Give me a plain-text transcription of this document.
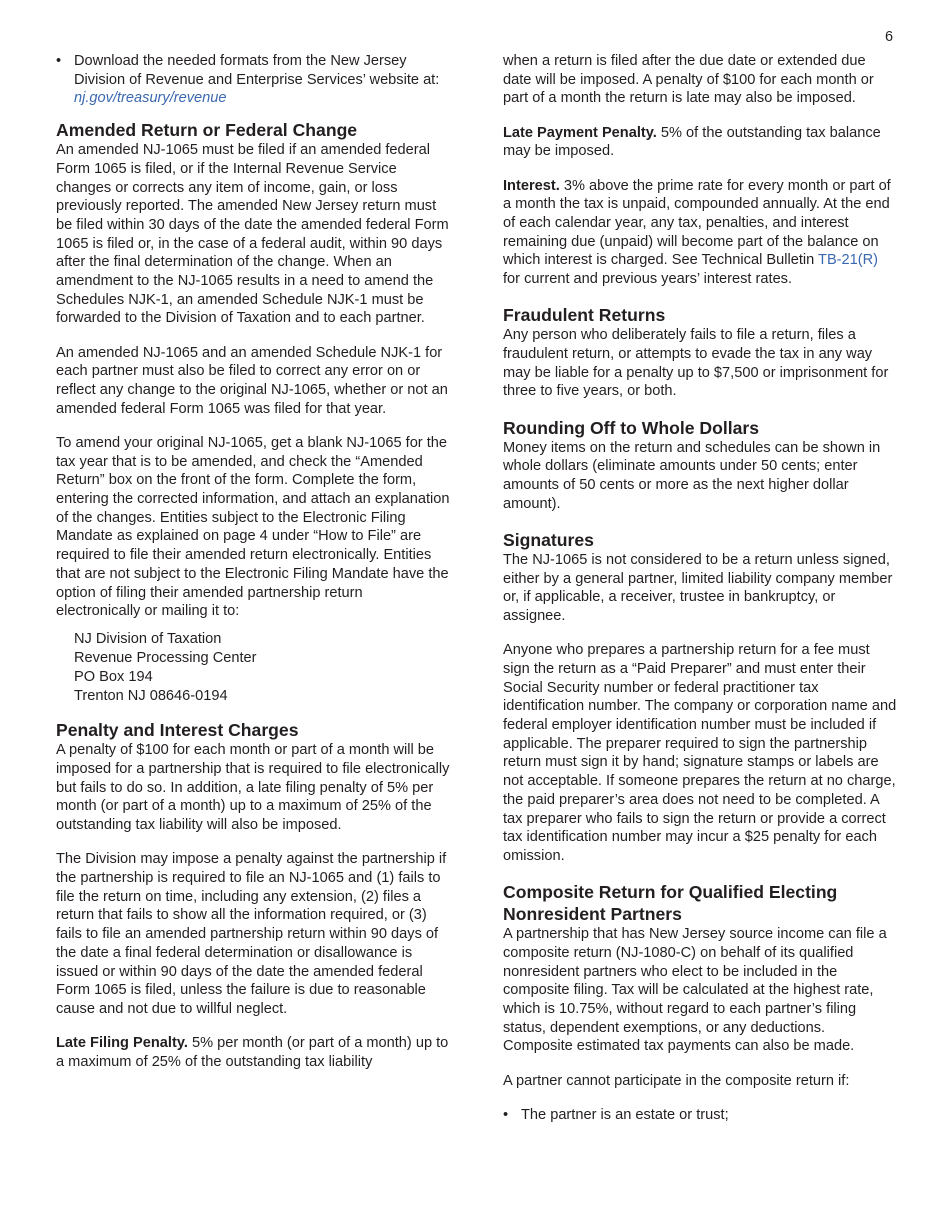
6
• Download the needed formats from the New Jersey Division of Revenue and Enterprise Services’ website at: nj.gov/treasury/revenue
Amended Return or Federal Change

An amended NJ-1065 must be filed if an amended federal Form 1065 is filed, or if the Internal Revenue Service changes or corrects any item of income, gain, or loss previously reported. The amended New Jersey return must be filed within 30 days of the date the amended federal Form 1065 is filed or, in the case of a federal audit, within 90 days after the final determination of the change. When an amendment to the NJ-1065 results in a need to amend the Schedules NJK-1, an amended Schedule NJK-1 must be forwarded to the Division of Taxation and to each partner.

An amended NJ-1065 and an amended Schedule NJK-1 for each partner must also be filed to correct any error on or reflect any change to the original NJ-1065, whether or not an amended federal Form 1065 was filed for that year.

To amend your original NJ-1065, get a blank NJ-1065 for the tax year that is to be amended, and check the “Amended Return” box on the front of the form. Complete the form, entering the corrected information, and attach an explanation of the changes. Entities subject to the Electronic Filing Mandate as explained on page 4 under “How to File” are required to file their amended return electronically. Entities that are not subject to the Electronic Filing Mandate have the option of filing their amended partnership return electronically or mailing it to:

NJ Division of Taxation
Revenue Processing Center
PO Box 194
Trenton NJ 08646-0194
Penalty and Interest Charges

A penalty of $100 for each month or part of a month will be imposed for a partnership that is required to file electronically but fails to do so. In addition, a late filing penalty of 5% per month (or part of a month) up to a maximum of 25% of the outstanding tax liability will also be imposed.

The Division may impose a penalty against the partnership if the partnership is required to file an NJ-1065 and (1) fails to file the return on time, including any extension, (2) files a return that fails to show all the information required, or (3) fails to file an amended partnership return within 90 days of the date a final federal determination or disallowance is issued or within 90 days of the date the amended federal Form 1065 is filed, unless the failure is due to reasonable cause and not due to willful neglect.

Late Filing Penalty. 5% per month (or part of a month) up to a maximum of 25% of the outstanding tax liability

when a return is filed after the due date or extended due date will be imposed. A penalty of $100 for each month or part of a month the return is late may also be imposed.

Late Payment Penalty. 5% of the outstanding tax balance may be imposed.

Interest. 3% above the prime rate for every month or part of a month the tax is unpaid, compounded annually. At the end of each calendar year, any tax, penalties, and interest remaining due (unpaid) will become part of the balance on which interest is charged. See Technical Bulletin TB-21(R) for current and previous years’ interest rates.

Fraudulent Returns

Any person who deliberately fails to file a return, files a fraudulent return, or attempts to evade the tax in any way may be liable for a penalty up to $7,500 or imprisonment for three to five years, or both.

Rounding Off to Whole Dollars

Money items on the return and schedules can be shown in whole dollars (eliminate amounts under 50 cents; enter amounts of 50 cents or more as the next higher dollar amount).

Signatures

The NJ-1065 is not considered to be a return unless signed, either by a general partner, limited liability company member or, if applicable, a receiver, trustee in bankruptcy, or assignee.

Anyone who prepares a partnership return for a fee must sign the return as a “Paid Preparer” and must enter their Social Security number or federal practitioner tax identification number. The company or corporation name and federal employer identification number must be included if applicable. The preparer required to sign the partnership return must sign it by hand; signature stamps or labels are not acceptable. If someone prepares the return at no charge, the paid preparer’s area does not need to be completed. A tax preparer who fails to sign the return or provide a correct tax identification number may incur a $25 penalty for each omission.

Composite Return for Qualified Electing Nonresident Partners

A partnership that has New Jersey source income can file a composite return (NJ-1080-C) on behalf of its qualified nonresident partners who elect to be included in the composite filing. Tax will be calculated at the highest rate, which is 10.75%, without regard to each partner’s filing status, dependent exemptions, or any deductions. Composite estimated tax payments can also be made.

A partner cannot participate in the composite return if:

• The partner is an estate or trust;
